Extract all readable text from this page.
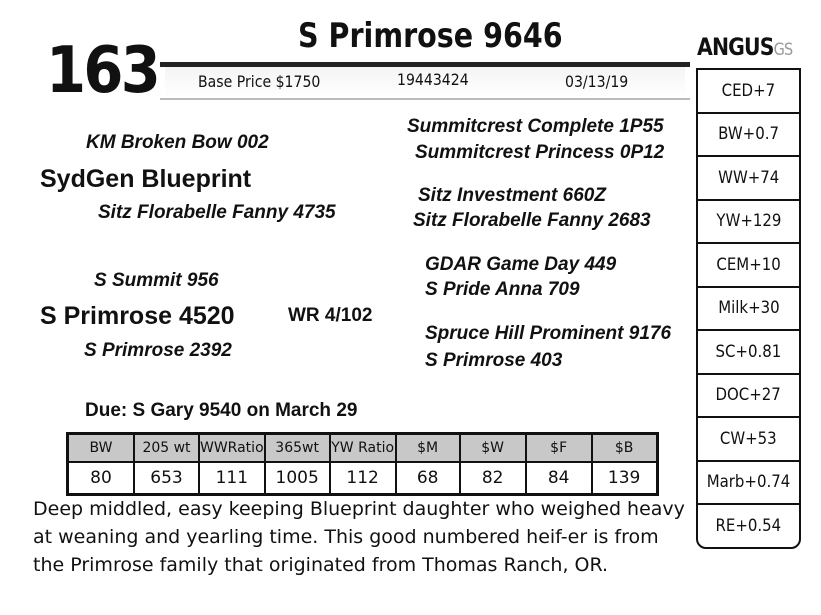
163	S Primrose 9646
Base Price $1750	19443424	03/13/19
KM Broken Bow 002
SydGen Blueprint
Sitz Florabelle Fanny 4735
S Summit 956
S Primrose 4520	WR 4/102
S Primrose 2392
Summitcrest Complete 1P55
Summitcrest Princess 0P12
Sitz Investment 660Z
Sitz Florabelle Fanny 2683
GDAR Game Day 449
S Pride Anna 709
Spruce Hill Prominent 9176
S Primrose 403
Due: S Gary 9540 on March 29
BW	205 wt	WWRatio	365wt	YW Ratio	$M	$W	$F	$B
80	653	111	1005	112	68	82	84	139
Deep middled, easy keeping Blueprint daughter who weighed heavy at weaning and yearling time. This good numbered heif-er is from the Primrose family that originated from Thomas Ranch, OR.
ANGUSGS
CED+7
BW+0.7
WW+74
YW+129
CEM+10
Milk+30
SC+0.81
DOC+27
CW+53
Marb+0.74
RE+0.54
